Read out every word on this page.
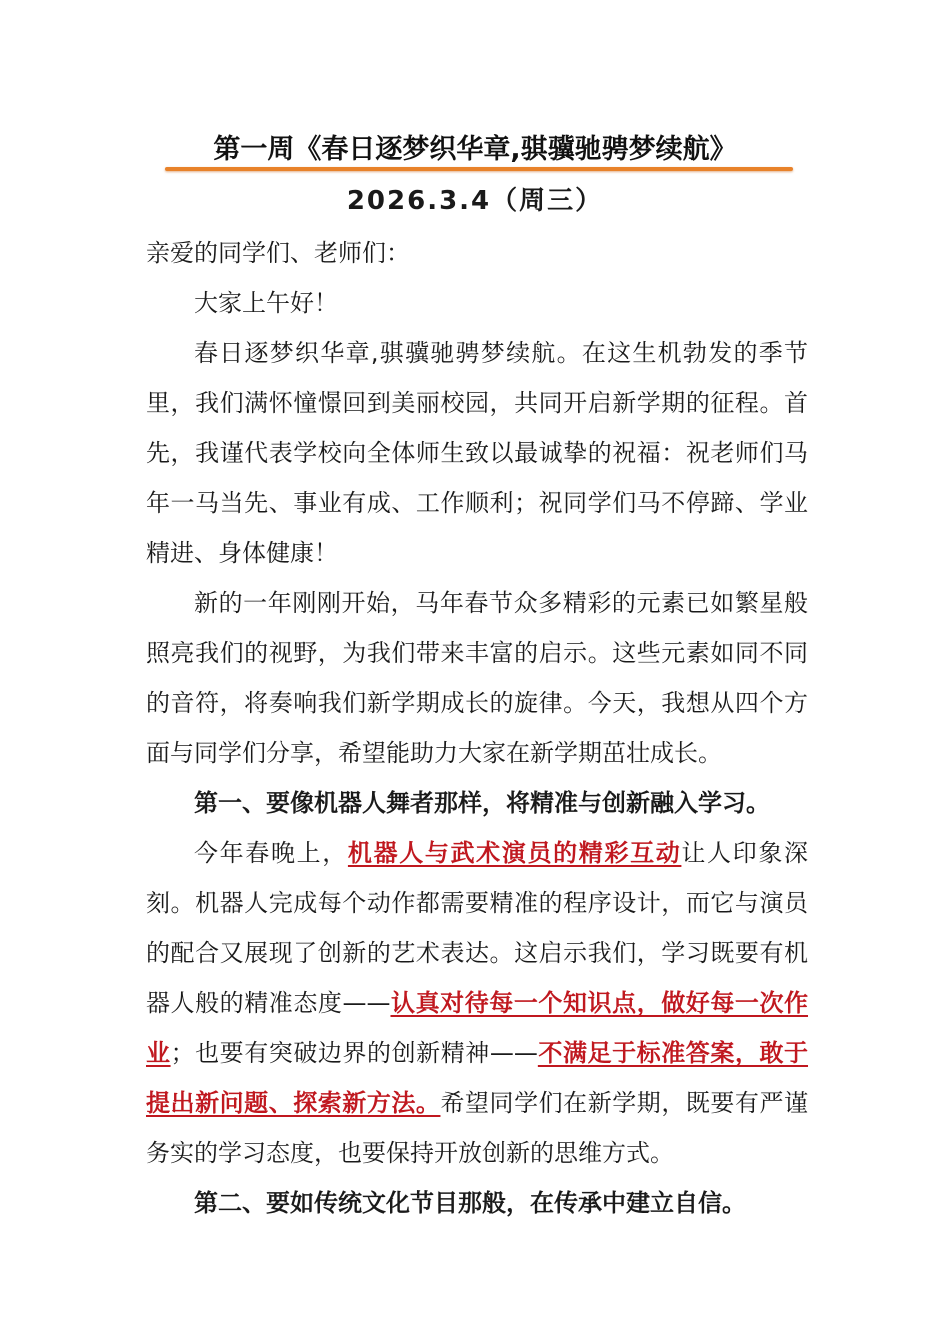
第一周《春日逐梦织华章,骐骥驰骋梦续航》
2026.3.4（周三）

亲爱的同学们、老师们：

大家上午好！

春日逐梦织华章,骐骥驰骋梦续航。在这生机勃发的季节里，我们满怀憧憬回到美丽校园，共同开启新学期的征程。首先，我谨代表学校向全体师生致以最诚挚的祝福：祝老师们马年一马当先、事业有成、工作顺利；祝同学们马不停蹄、学业精进、身体健康！

新的一年刚刚开始，马年春节众多精彩的元素已如繁星般照亮我们的视野，为我们带来丰富的启示。这些元素如同不同的音符，将奏响我们新学期成长的旋律。今天，我想从四个方面与同学们分享，希望能助力大家在新学期茁壮成长。

第一、要像机器人舞者那样，将精准与创新融入学习。

今年春晚上，机器人与武术演员的精彩互动让人印象深刻。机器人完成每个动作都需要精准的程序设计，而它与演员的配合又展现了创新的艺术表达。这启示我们，学习既要有机器人般的精准态度——认真对待每一个知识点，做好每一次作业；也要有突破边界的创新精神——不满足于标准答案，敢于提出新问题、探索新方法。希望同学们在新学期，既要有严谨务实的学习态度，也要保持开放创新的思维方式。

第二、要如传统文化节目那般，在传承中建立自信。
